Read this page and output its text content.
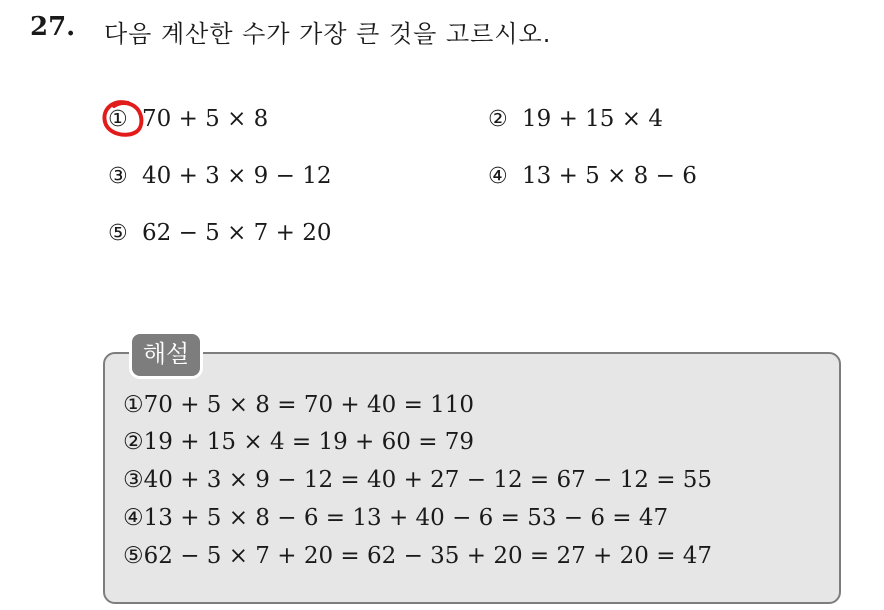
27. 다음 계산한 수가 가장 큰 것을 고르시오.
① 70 + 5 × 8	② 19 + 15 × 4
③ 40 + 3 × 9 − 12	④ 13 + 5 × 8 − 6
⑤ 62 − 5 × 7 + 20
해설
①70 + 5 × 8 = 70 + 40 = 110
②19 + 15 × 4 = 19 + 60 = 79
③40 + 3 × 9 − 12 = 40 + 27 − 12 = 67 − 12 = 55
④13 + 5 × 8 − 6 = 13 + 40 − 6 = 53 − 6 = 47
⑤62 − 5 × 7 + 20 = 62 − 35 + 20 = 27 + 20 = 47
